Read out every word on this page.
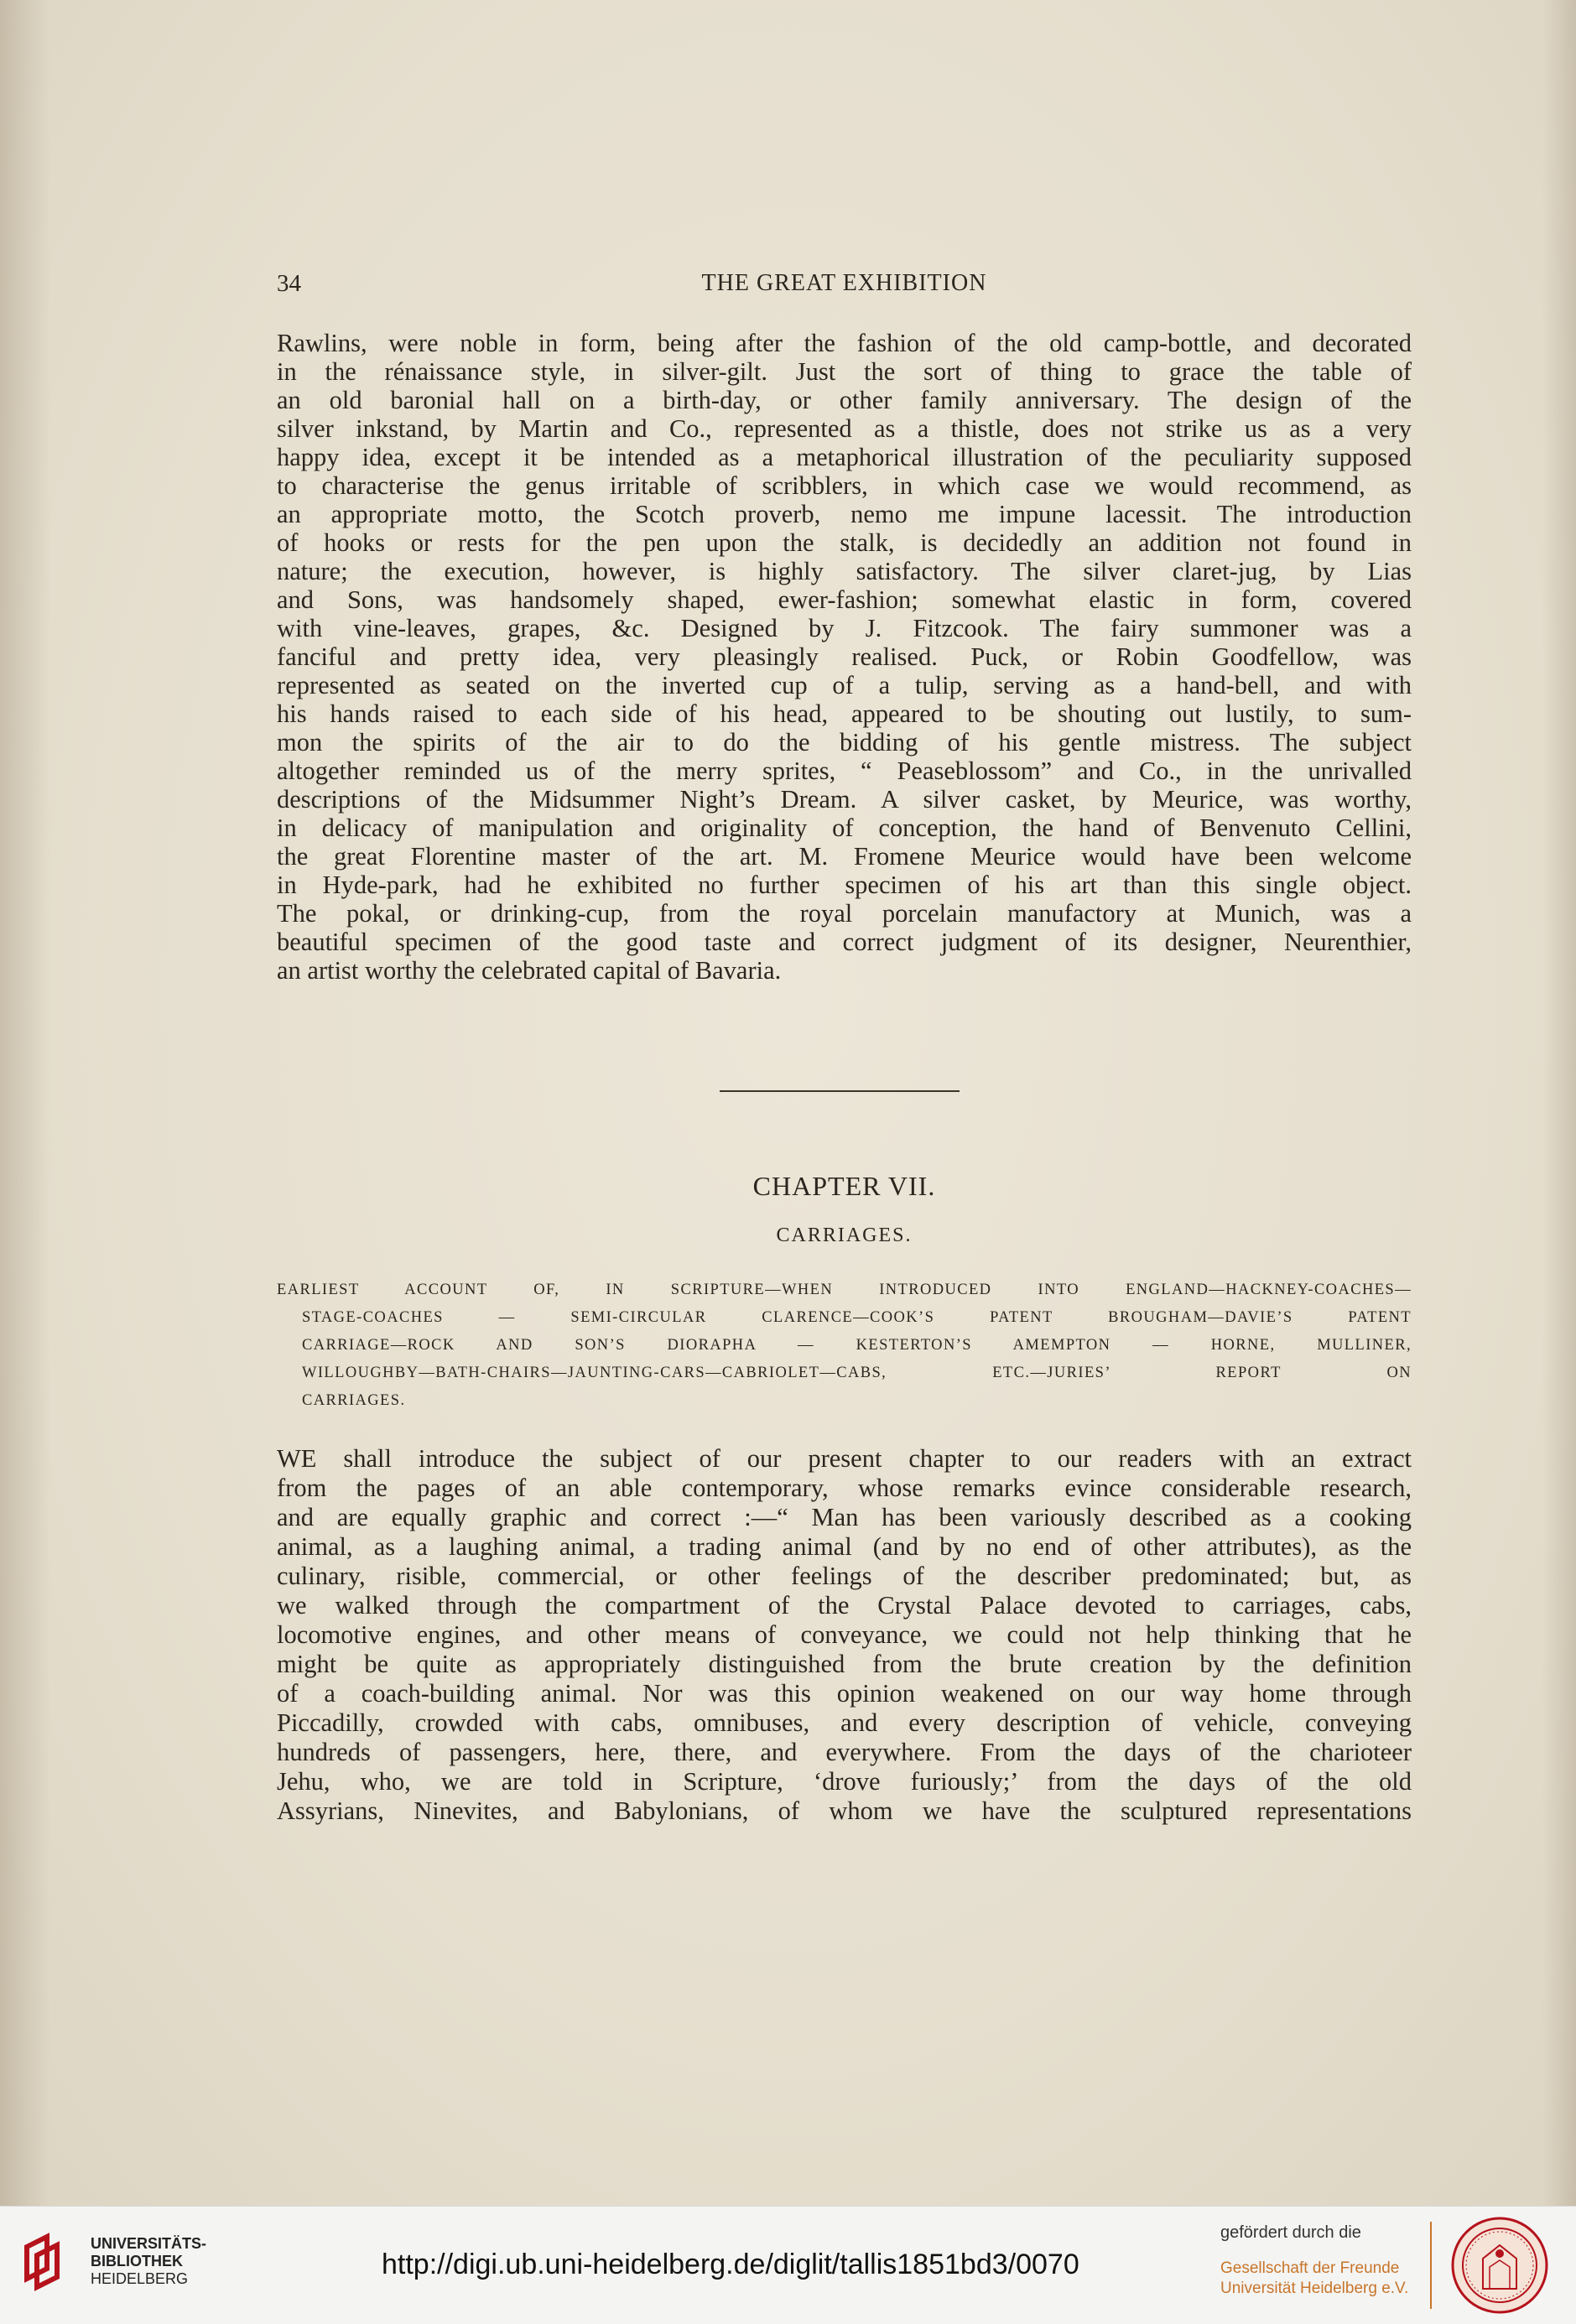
34	THE GREAT EXHIBITION

Rawlins, were noble in form, being after the fashion of the old camp-bottle, and decorated

in the rénaissance style, in silver-gilt. Just the sort of thing to grace the table of

an old baronial hall on a birth-day, or other family anniversary. The design of the

silver inkstand, by Martin and Co., represented as a thistle, does not strike us as a very

happy idea, except it be intended as a metaphorical illustration of the peculiarity supposed

to characterise the genus irritable of scribblers, in which case we would recommend, as

an appropriate motto, the Scotch proverb, nemo me impune lacessit. The introduction

of hooks or rests for the pen upon the stalk, is decidedly an addition not found in

nature; the execution, however, is highly satisfactory. The silver claret-jug, by Lias

and Sons, was handsomely shaped, ewer-fashion; somewhat elastic in form, covered

with vine-leaves, grapes, &c. Designed by J. Fitzcook. The fairy summoner was a

fanciful and pretty idea, very pleasingly realised. Puck, or Robin Goodfellow, was

represented as seated on the inverted cup of a tulip, serving as a hand-bell, and with

his hands raised to each side of his head, appeared to be shouting out lustily, to sum-

mon the spirits of the air to do the bidding of his gentle mistress. The subject

altogether reminded us of the merry sprites, “ Peaseblossom” and Co., in the unrivalled

descriptions of the Midsummer Night’s Dream. A silver casket, by Meurice, was worthy,

in delicacy of manipulation and originality of conception, the hand of Benvenuto Cellini,

the great Florentine master of the art. M. Fromene Meurice would have been welcome

in Hyde-park, had he exhibited no further specimen of his art than this single object.

The pokal, or drinking-cup, from the royal porcelain manufactory at Munich, was a

beautiful specimen of the good taste and correct judgment of its designer, Neurenthier,

an artist worthy the celebrated capital of Bavaria.

CHAPTER VII.
CARRIAGES.

EARLIEST ACCOUNT OF, IN SCRIPTURE—WHEN INTRODUCED INTO ENGLAND—HACKNEY-COACHES—

STAGE-COACHES — SEMI-CIRCULAR CLARENCE—COOK’S PATENT BROUGHAM—DAVIE’S PATENT

CARRIAGE—ROCK AND SON’S DIORAPHA — KESTERTON’S AMEMPTON — HORNE, MULLINER,

WILLOUGHBY—BATH-CHAIRS—JAUNTING-CARS—CABRIOLET—CABS, ETC.—JURIES’ REPORT ON

CARRIAGES.

WE shall introduce the subject of our present chapter to our readers with an extract

from the pages of an able contemporary, whose remarks evince considerable research,

and are equally graphic and correct :—“ Man has been variously described as a cooking

animal, as a laughing animal, a trading animal (and by no end of other attributes), as the

culinary, risible, commercial, or other feelings of the describer predominated; but, as

we walked through the compartment of the Crystal Palace devoted to carriages, cabs,

locomotive engines, and other means of conveyance, we could not help thinking that he

might be quite as appropriately distinguished from the brute creation by the definition

of a coach-building animal. Nor was this opinion weakened on our way home through

Piccadilly, crowded with cabs, omnibuses, and every description of vehicle, conveying

hundreds of passengers, here, there, and everywhere. From the days of the charioteer

Jehu, who, we are told in Scripture, ‘drove furiously;’ from the days of the old

Assyrians, Ninevites, and Babylonians, of whom we have the sculptured representations

UNIVERSITÄTS-
BIBLIOTHEK
HEIDELBERG	http://digi.ub.uni-heidelberg.de/diglit/tallis1851bd3/0070
gefördert durch die
Gesellschaft der Freunde
Universität Heidelberg e.V.
